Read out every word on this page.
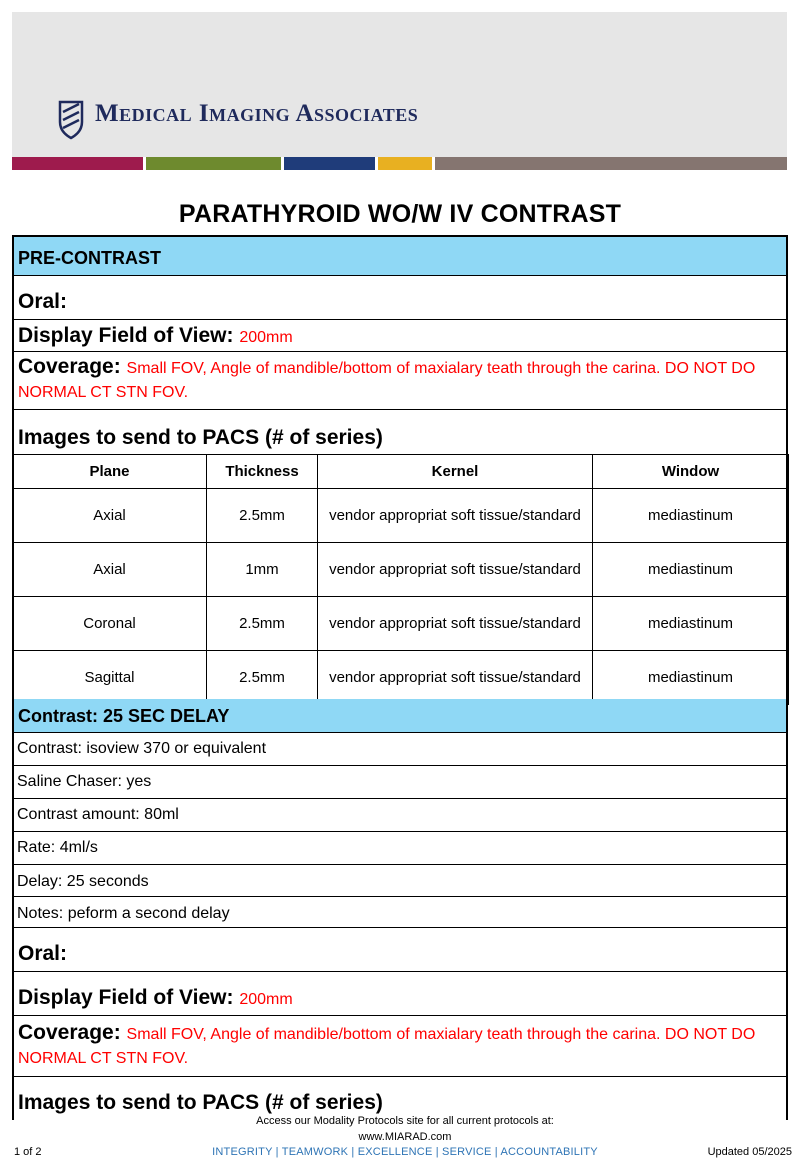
Medical Imaging Associates
PARATHYROID WO/W IV CONTRAST
PRE-CONTRAST
Oral:
Display Field of View: 200mm
Coverage: Small FOV, Angle of mandible/bottom of maxialary teath through the carina. DO NOT DO
NORMAL CT STN FOV.
Images to send to PACS (# of series)
Plane	Thickness	Kernel	Window
Axial	2.5mm	vendor appropriat soft tissue/standard	mediastinum
Axial	1mm	vendor appropriat soft tissue/standard	mediastinum
Coronal	2.5mm	vendor appropriat soft tissue/standard	mediastinum
Sagittal	2.5mm	vendor appropriat soft tissue/standard	mediastinum
Contrast: 25 SEC DELAY
Contrast: isoview 370 or equivalent
Saline Chaser: yes
Contrast amount: 80ml
Rate: 4ml/s
Delay: 25 seconds
Notes: peform a second delay
Oral:
Display Field of View: 200mm
Coverage: Small FOV, Angle of mandible/bottom of maxialary teath through the carina. DO NOT DO
NORMAL CT STN FOV.
Images to send to PACS (# of series)
Access our Modality Protocols site for all current protocols at:
www.MIARAD.com
INTEGRITY | TEAMWORK | EXCELLENCE | SERVICE | ACCOUNTABILITY
1 of 2	Updated 05/2025
